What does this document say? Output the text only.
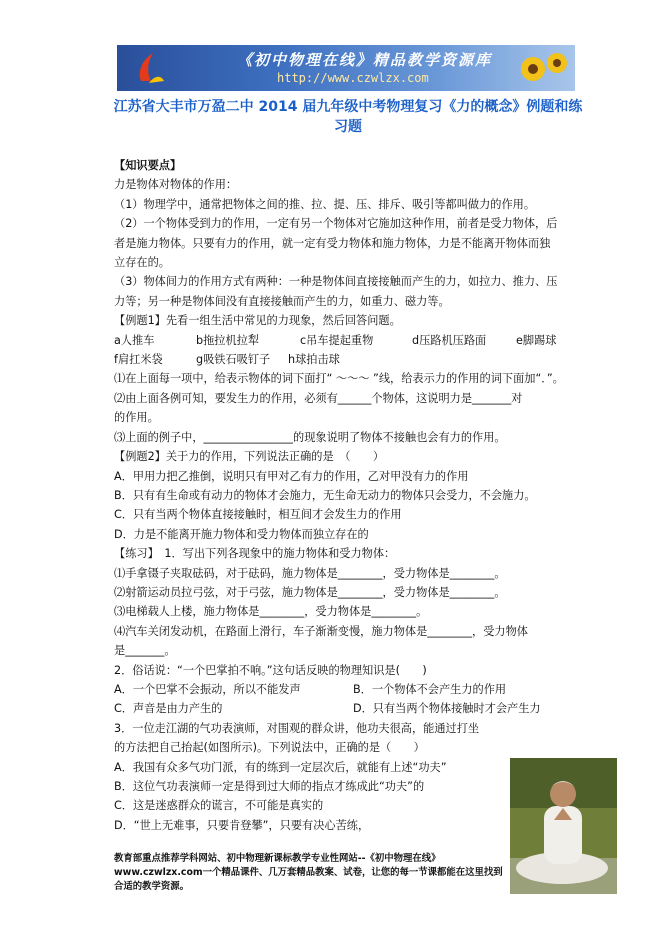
《初中物理在线》精品教学资源库
http://www.czwlzx.com
江苏省大丰市万盈二中 2014 届九年级中考物理复习《力的概念》例题和练习题
【知识要点】
力是物体对物体的作用：
（1）物理学中，通常把物体之间的推、拉、提、压、排斥、吸引等都叫做力的作用。
（2）一个物体受到力的作用，一定有另一个物体对它施加这种作用，前者是受力物体，后
者是施力物体。只要有力的作用，就一定有受力物体和施力物体，力是不能离开物体而独
立存在的。
（3）物体间力的作用方式有两种：一种是物体间直接接触而产生的力，如拉力、推力、压
力等；另一种是物体间没有直接接触而产生的力，如重力、磁力等。
【例题1】先看一组生活中常见的力现象，然后回答问题。
a人推车	b拖拉机拉犁	c吊车提起重物	d压路机压路面	e脚踢球
f肩扛米袋	g吸铁石吸钉子	h球拍击球
⑴在上面每一项中，给表示物体的词下面打“ ～～～ ”线，给表示力的作用的词下面加“．”。
⑵由上面各例可知，要发生力的作用，必须有______个物体，这说明力是_______对
的作用。
⑶上面的例子中，________________的现象说明了物体不接触也会有力的作用。
【例题2】关于力的作用，下列说法正确的是　（　　）
A．甲用力把乙推倒，说明只有甲对乙有力的作用，乙对甲没有力的作用
B．只有有生命或有动力的物体才会施力，无生命无动力的物体只会受力，不会施力。
C．只有当两个物体直接接触时，相互间才会发生力的作用
D．力是不能离开施力物体和受力物体而独立存在的
【练习】　1．写出下列各现象中的施力物体和受力物体：
⑴手拿镊子夹取砝码，对于砝码，施力物体是________，受力物体是________。
⑵射箭运动员拉弓弦，对于弓弦，施力物体是________，受力物体是________。
⑶电梯载人上楼，施力物体是________，受力物体是________。
⑷汽车关闭发动机，在路面上滑行，车子渐渐变慢，施力物体是________，受力物体
是_______。
2．俗话说：“一个巴掌拍不响。”这句话反映的物理知识是(　　)
A．一个巴掌不会振动，所以不能发声	B．一个物体不会产生力的作用
C．声音是由力产生的	D．只有当两个物体接触时才会产生力
3．一位走江湖的气功表演师，对围观的群众讲，他功夫很高，能通过打坐
的方法把自己抬起(如图所示)。下列说法中，正确的是（　　）
A．我国有众多气功门派，有的练到一定层次后，就能有上述“功夫”
B．这位气功表演师一定是得到过大师的指点才练成此“功夫”的
C．这是迷惑群众的谎言，不可能是真实的
D．“世上无难事，只要肯登攀”，只要有决心苦练，
教育部重点推荐学科网站、初中物理新课标教学专业性网站--《初中物理在线》www.czwlzx.com一个精品课件、几万套精品教案、试卷，让您的每一节课都能在这里找到合适的教学资源。
